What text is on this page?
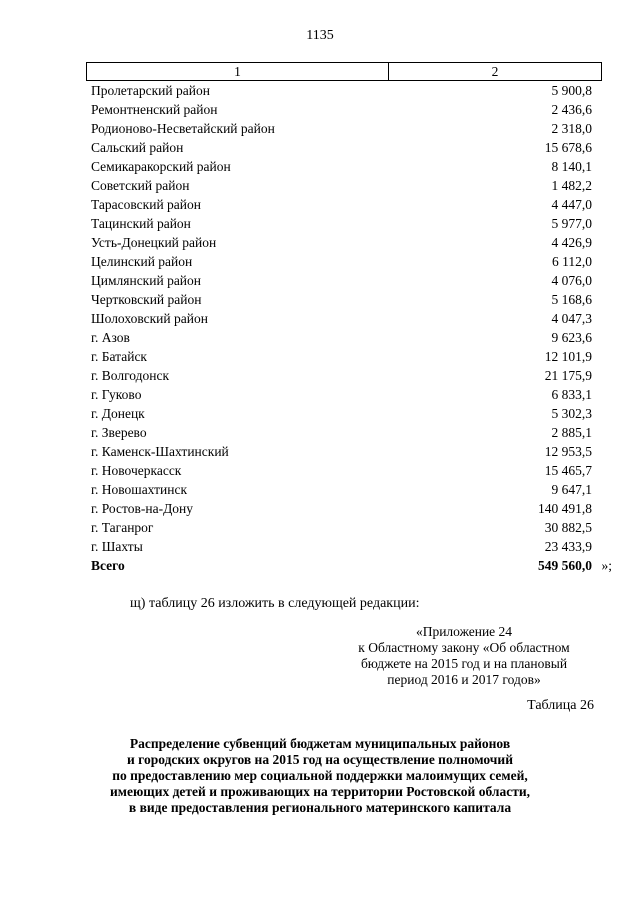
1135
1	2
Пролетарский район	5 900,8
Ремонтненский район	2 436,6
Родионово-Несветайский район	2 318,0
Сальский район	15 678,6
Семикаракорский район	8 140,1
Советский район	1 482,2
Тарасовский район	4 447,0
Тацинский район	5 977,0
Усть-Донецкий район	4 426,9
Целинский район	6 112,0
Цимлянский район	4 076,0
Чертковский район	5 168,6
Шолоховский район	4 047,3
г. Азов	9 623,6
г. Батайск	12 101,9
г. Волгодонск	21 175,9
г. Гуково	6 833,1
г. Донецк	5 302,3
г. Зверево	2 885,1
г. Каменск-Шахтинский	12 953,5
г. Новочеркасск	15 465,7
г. Новошахтинск	9 647,1
г. Ростов-на-Дону	140 491,8
г. Таганрог	30 882,5
г. Шахты	23 433,9
Всего	549 560,0 »;
щ) таблицу 26 изложить в следующей редакции:
«Приложение 24
к Областному закону «Об областном
бюджете на 2015 год и на плановый
период 2016 и 2017 годов»
Таблица 26
Распределение субвенций бюджетам муниципальных районов
и городских округов на 2015 год на осуществление полномочий
по предоставлению мер социальной поддержки малоимущих семей,
имеющих детей и проживающих на территории Ростовской области,
в виде предоставления регионального материнского капитала
